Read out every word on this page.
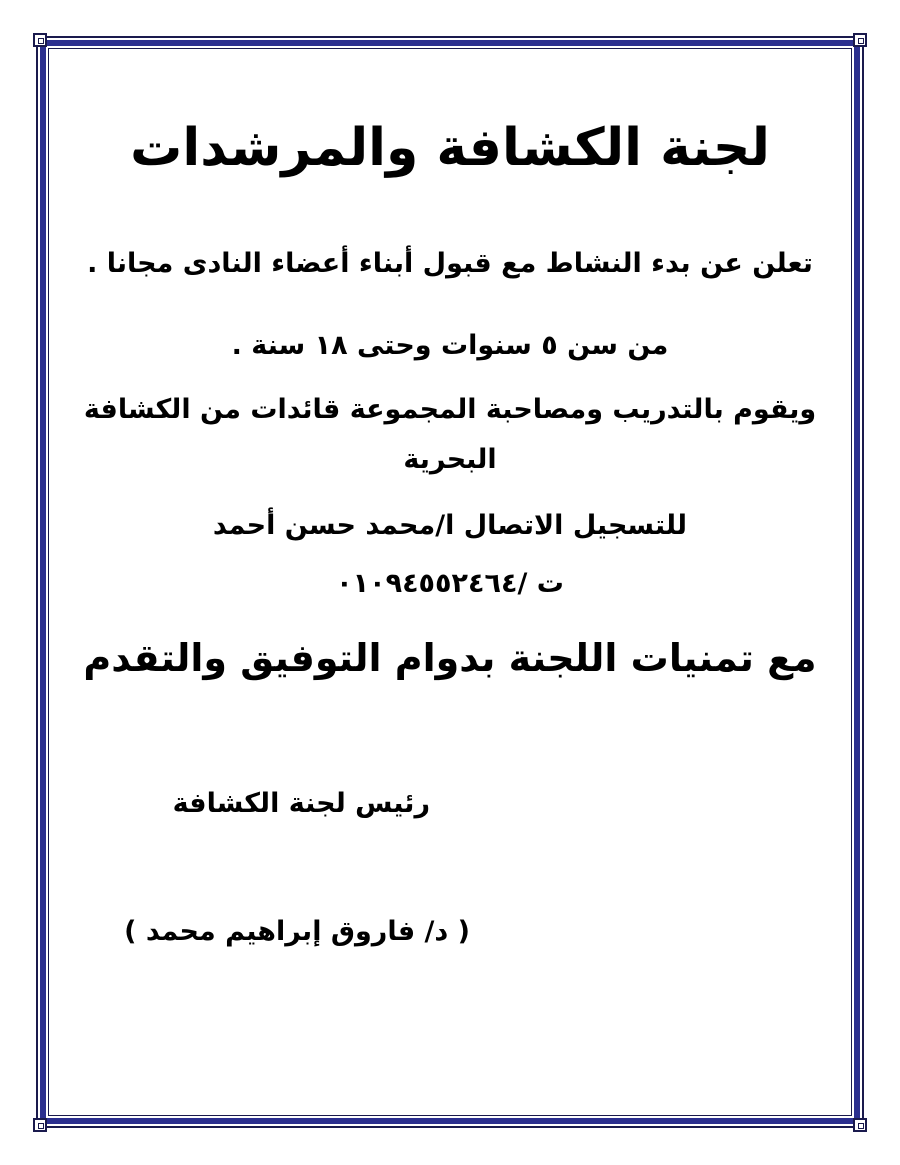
لجنة الكشافة والمرشدات
تعلن عن بدء النشاط مع قبول أبناء أعضاء النادى مجانا .
من سن ٥ سنوات وحتى ١٨ سنة .
ويقوم بالتدريب ومصاحبة المجموعة قائدات من الكشافة
البحرية
للتسجيل الاتصال ا/محمد حسن أحمد
ت /٠١٠٩٤٥٥٢٤٦٤
مع تمنيات اللجنة بدوام التوفيق والتقدم
رئيس لجنة الكشافة
( د/ فاروق إبراهيم محمد )
